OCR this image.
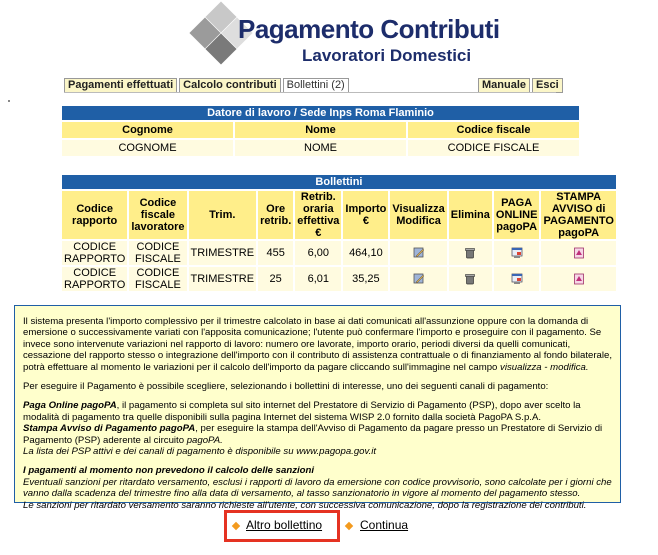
Pagamento Contributi
Lavoratori Domestici
Pagamenti effettuati Calcolo contributi Bollettini (2)	Manuale Esci
Datore di lavoro / Sede Inps Roma Flaminio		
Cognome	Nome	Codice fiscale
COGNOME	NOME	CODICE FISCALE
Bollettini									
Codice rapporto	Codice fiscale lavoratore	Trim.	Ore retrib.	Retrib. oraria effettiva €	Importo €	Visualizza Modifica	Elimina	PAGA ONLINE pagoPA	STAMPA AVVISO di PAGAMENTO pagoPA
CODICE RAPPORTO	CODICE FISCALE	TRIMESTRE	455	6,00	464,10				
CODICE RAPPORTO	CODICE FISCALE	TRIMESTRE	25	6,01	35,25				

Il sistema presenta l'importo complessivo per il trimestre calcolato in base ai dati comunicati all'assunzione oppure con la domanda di emersione o successivamente variati con l'apposita comunicazione; l'utente può confermare l'importo e proseguire con il pagamento. Se invece sono intervenute variazioni nel rapporto di lavoro: numero ore lavorate, importo orario, periodi diversi da quelli comunicati, cessazione del rapporto stesso o integrazione dell'importo con il contributo di assistenza contrattuale o di finanziamento al fondo bilaterale, potrà effettuare al momento le variazioni per il calcolo dell'importo da pagare cliccando sull'immagine nel campo visualizza - modifica.

Per eseguire il Pagamento è possibile scegliere, selezionando i bollettini di interesse, uno dei seguenti canali di pagamento:

Paga Online pagoPA, il pagamento si completa sul sito internet del Prestatore di Servizio di Pagamento (PSP), dopo aver scelto la modalità di pagamento tra quelle disponibili sulla pagina Internet del sistema WISP 2.0 fornito dalla società PagoPA S.p.A.
Stampa Avviso di Pagamento pagoPA, per eseguire la stampa dell'Avviso di Pagamento da pagare presso un Prestatore di Servizio di Pagamento (PSP) aderente al circuito pagoPA.
La lista dei PSP attivi e dei canali di pagamento è disponibile su www.pagopa.gov.it

I pagamenti al momento non prevedono il calcolo delle sanzioni
Eventuali sanzioni per ritardato versamento, esclusi i rapporti di lavoro da emersione con codice provvisorio, sono calcolate per i giorni che vanno dalla scadenza del trimestre fino alla data di versamento, al tasso sanzionatorio in vigore al momento del pagamento stesso.
Le sanzioni per ritardato versamento saranno richieste all'utente, con successiva comunicazione, dopo la registrazione dei contributi.

Altro bollettino	Continua
